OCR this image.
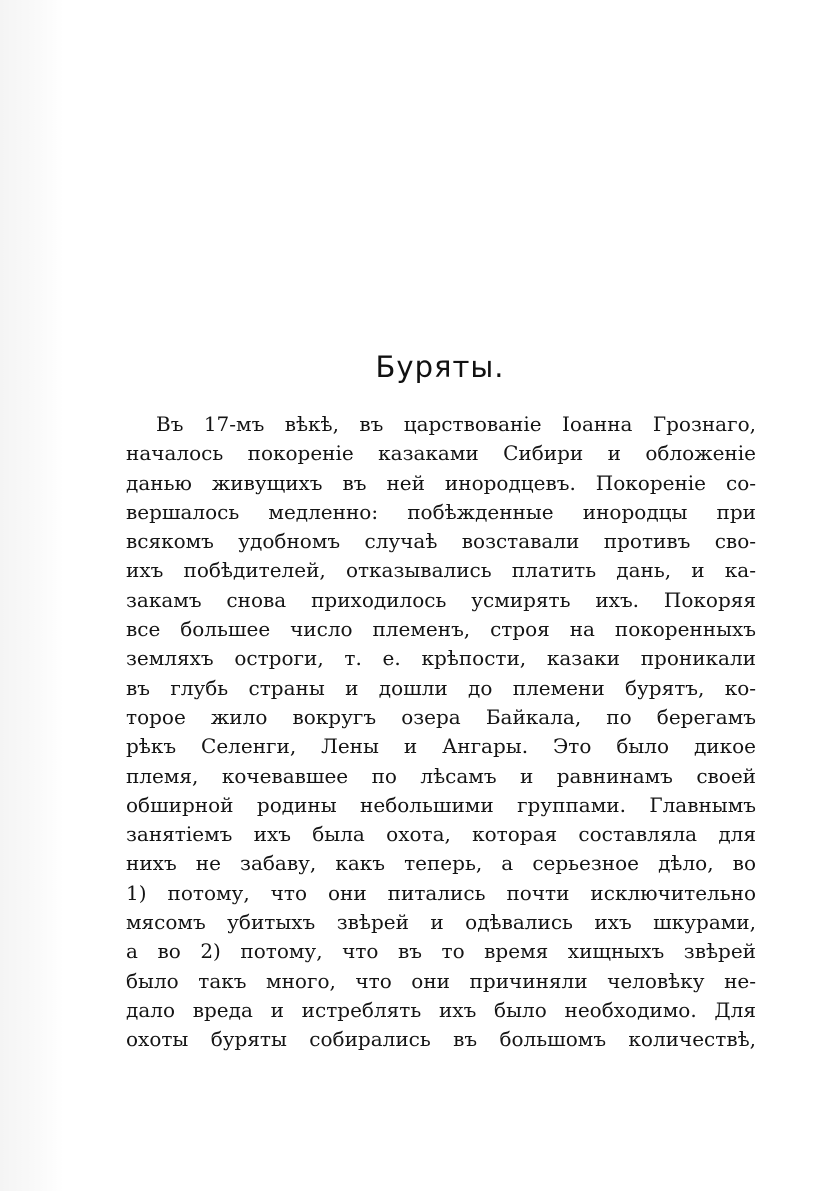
Буряты.
Въ 17-мъ вѣкѣ, въ царствованіе Іоанна Грознаго,
началось покореніе казаками Сибири и обложеніе
данью живущихъ въ ней инородцевъ. Покореніе со-
вершалось медленно: побѣжденные инородцы при
всякомъ удобномъ случаѣ возставали противъ сво-
ихъ побѣдителей, отказывались платить дань, и ка-
закамъ снова приходилось усмирять ихъ. Покоряя
все большее число племенъ, строя на покоренныхъ
земляхъ остроги, т. е. крѣпости, казаки проникали
въ глубь страны и дошли до племени бурятъ, ко-
торое жило вокругъ озера Байкала, по берегамъ
рѣкъ Селенги, Лены и Ангары. Это было дикое
племя, кочевавшее по лѣсамъ и равнинамъ своей
обширной родины небольшими группами. Главнымъ
занятіемъ ихъ была охота, которая составляла для
нихъ не забаву, какъ теперь, а серьезное дѣло, во
1) потому, что они питались почти исключительно
мясомъ убитыхъ звѣрей и одѣвались ихъ шкурами,
а во 2) потому, что въ то время хищныхъ звѣрей
было такъ много, что они причиняли человѣку не-
дало вреда и истреблять ихъ было необходимо. Для
охоты буряты собирались въ большомъ количествѣ,
